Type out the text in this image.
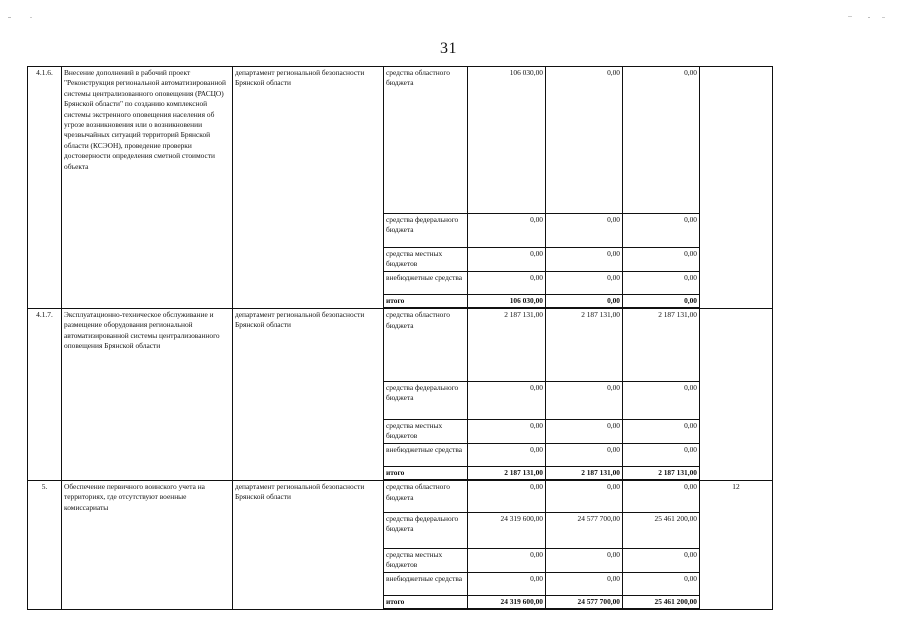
31
4.1.6.	Внесение дополнений в рабочий проект "Реконструкция региональной автоматизированной системы централизованного оповещения (РАСЦО) Брянской области" по созданию комплексной системы экстренного оповещения населения об угрозе возникновения или о возникновении чрезвычайных ситуаций территорий Брянской области (КСЭОН), проведение проверки достоверности определения сметной стоимости объекта	департамент региональной безопасности Брянской области	средства областного бюджета	106 030,00	0,00	0,00	
			средства федерального бюджета	0,00	0,00	0,00	
			средства местных бюджетов	0,00	0,00	0,00	
			внебюджетные средства	0,00	0,00	0,00	
			итого	106 030,00	0,00	0,00	
4.1.7.	Эксплуатационно-техническое обслуживание и размещение оборудования региональной автоматизированной системы централизованного оповещения Брянской области	департамент региональной безопасности Брянской области	средства областного бюджета	2 187 131,00	2 187 131,00	2 187 131,00	
			средства федерального бюджета	0,00	0,00	0,00	
			средства местных бюджетов	0,00	0,00	0,00	
			внебюджетные средства	0,00	0,00	0,00	
			итого	2 187 131,00	2 187 131,00	2 187 131,00	
5.	Обеспечение первичного воинского учета на территориях, где отсутствуют военные комиссариаты	департамент региональной безопасности Брянской области	средства областного бюджета	0,00	0,00	0,00	12
			средства федерального бюджета	24 319 600,00	24 577 700,00	25 461 200,00	
			средства местных бюджетов	0,00	0,00	0,00	
			внебюджетные средства	0,00	0,00	0,00	
			итого	24 319 600,00	24 577 700,00	25 461 200,00	
